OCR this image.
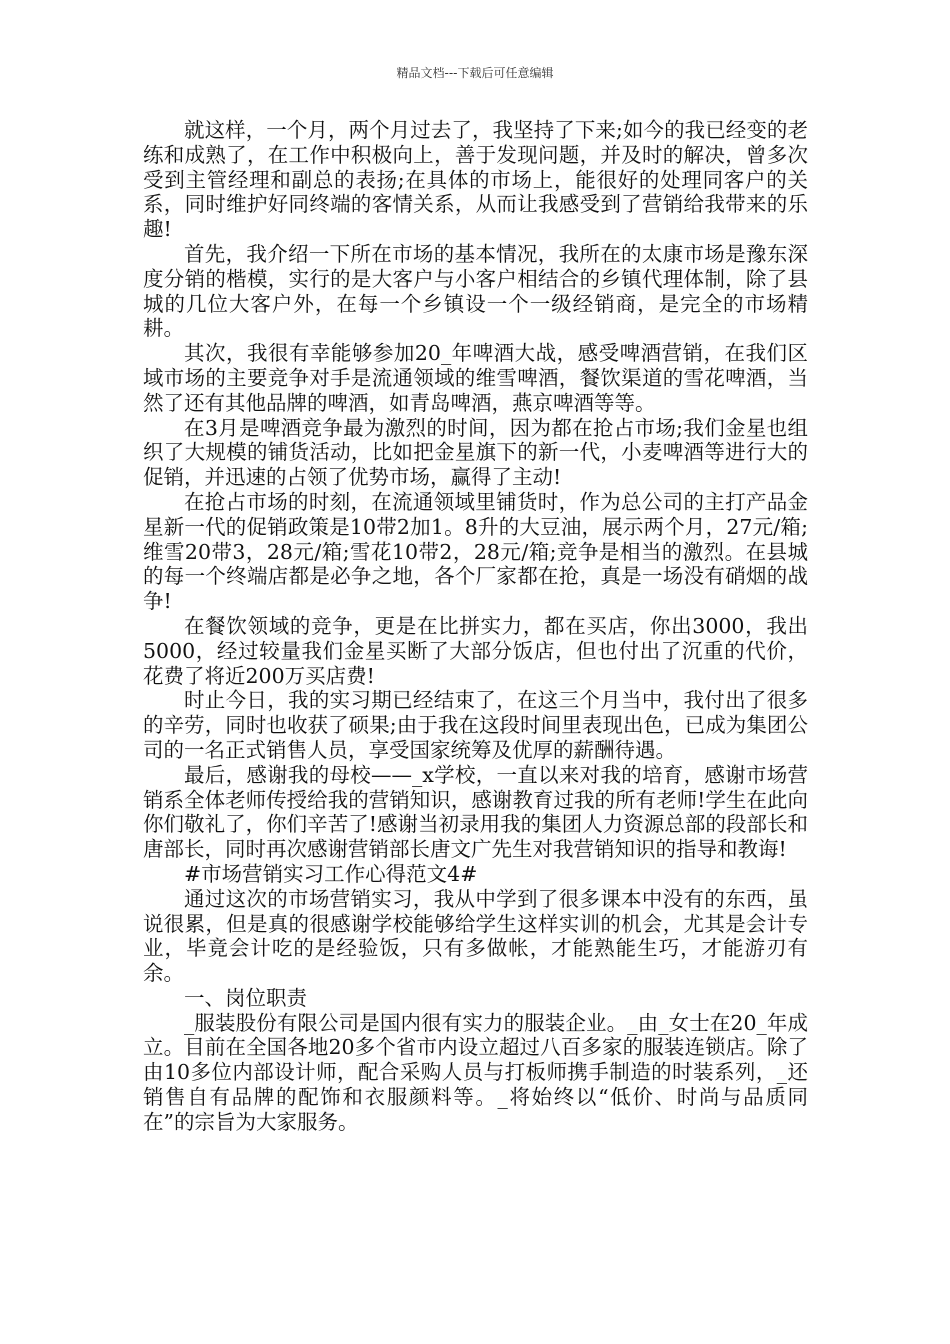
精品文档---下载后可任意编辑

就这样，一个月，两个月过去了，我坚持了下来;如今的我已经变的老练和成熟了，在工作中积极向上，善于发现问题，并及时的解决，曾多次受到主管经理和副总的表扬;在具体的市场上，能很好的处理同客户的关系，同时维护好同终端的客情关系，从而让我感受到了营销给我带来的乐趣!

首先，我介绍一下所在市场的基本情况，我所在的太康市场是豫东深度分销的楷模，实行的是大客户与小客户相结合的乡镇代理体制，除了县城的几位大客户外，在每一个乡镇设一个一级经销商，是完全的市场精耕。

其次，我很有幸能够参加20_年啤酒大战，感受啤酒营销，在我们区域市场的主要竞争对手是流通领域的维雪啤酒，餐饮渠道的雪花啤酒，当然了还有其他品牌的啤酒，如青岛啤酒，燕京啤酒等等。

在3月是啤酒竞争最为激烈的时间，因为都在抢占市场;我们金星也组织了大规模的铺货活动，比如把金星旗下的新一代，小麦啤酒等进行大的促销，并迅速的占领了优势市场，赢得了主动!

在抢占市场的时刻，在流通领域里铺货时，作为总公司的主打产品金星新一代的促销政策是10带2加1。8升的大豆油，展示两个月，27元/箱;维雪20带3，28元/箱;雪花10带2，28元/箱;竞争是相当的激烈。在县城的每一个终端店都是必争之地，各个厂家都在抢，真是一场没有硝烟的战争!

在餐饮领域的竞争，更是在比拼实力，都在买店，你出3000，我出5000，经过较量我们金星买断了大部分饭店，但也付出了沉重的代价，花费了将近200万买店费!

时止今日，我的实习期已经结束了，在这三个月当中，我付出了很多的辛劳，同时也收获了硕果;由于我在这段时间里表现出色，已成为集团公司的一名正式销售人员，享受国家统筹及优厚的薪酬待遇。

最后，感谢我的母校——_x学校，一直以来对我的培育，感谢市场营销系全体老师传授给我的营销知识，感谢教育过我的所有老师!学生在此向你们敬礼了，你们辛苦了!感谢当初录用我的集团人力资源总部的段部长和唐部长，同时再次感谢营销部长唐文广先生对我营销知识的指导和教诲!

#市场营销实习工作心得范文4#

通过这次的市场营销实习，我从中学到了很多课本中没有的东西，虽说很累，但是真的很感谢学校能够给学生这样实训的机会，尤其是会计专业，毕竟会计吃的是经验饭，只有多做帐，才能熟能生巧，才能游刃有余。

一、岗位职责

_服装股份有限公司是国内很有实力的服装企业。_由_女士在20_年成立。目前在全国各地20多个省市内设立超过八百多家的服装连锁店。除了由10多位内部设计师，配合采购人员与打板师携手制造的时装系列，_还销售自有品牌的配饰和衣服颜料等。_将始终以“低价、时尚与品质同在”的宗旨为大家服务。
